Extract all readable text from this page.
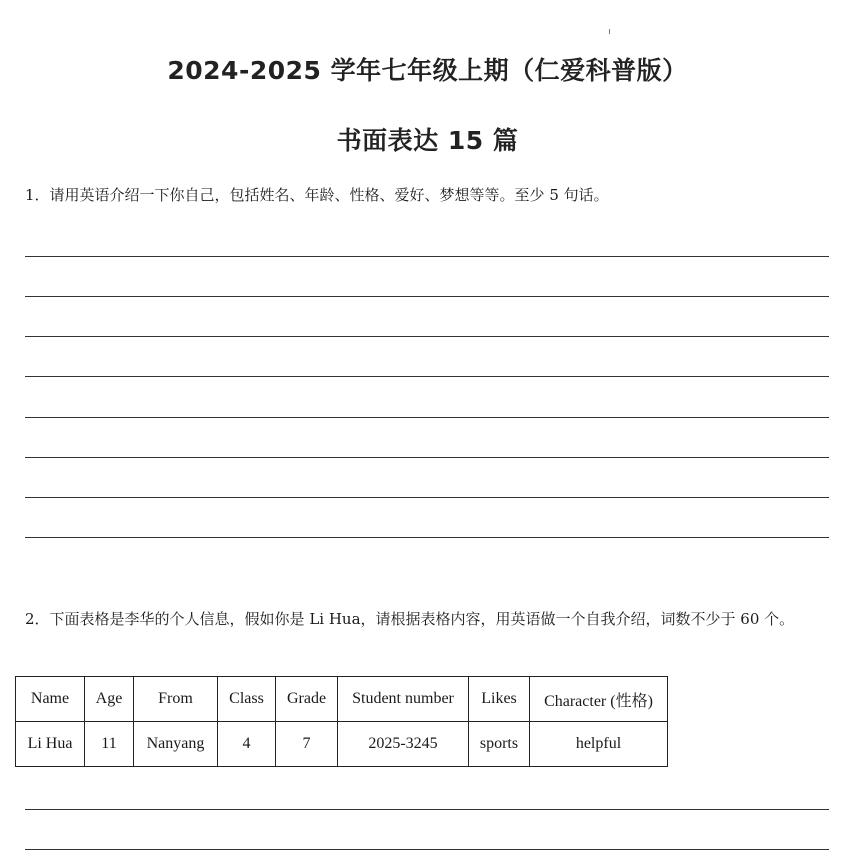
2024-2025 学年七年级上期（仁爱科普版）
书面表达 15 篇
1．请用英语介绍一下你自己，包括姓名、年龄、性格、爱好、梦想等等。至少 5 句话。
2．下面表格是李华的个人信息，假如你是 Li Hua，请根据表格内容，用英语做一个自我介绍，词数不少于 60 个。
Name	Age	From	Class	Grade	Student number	Likes	Character (性格)
Li Hua	11	Nanyang	4	7	2025-3245	sports	helpful
